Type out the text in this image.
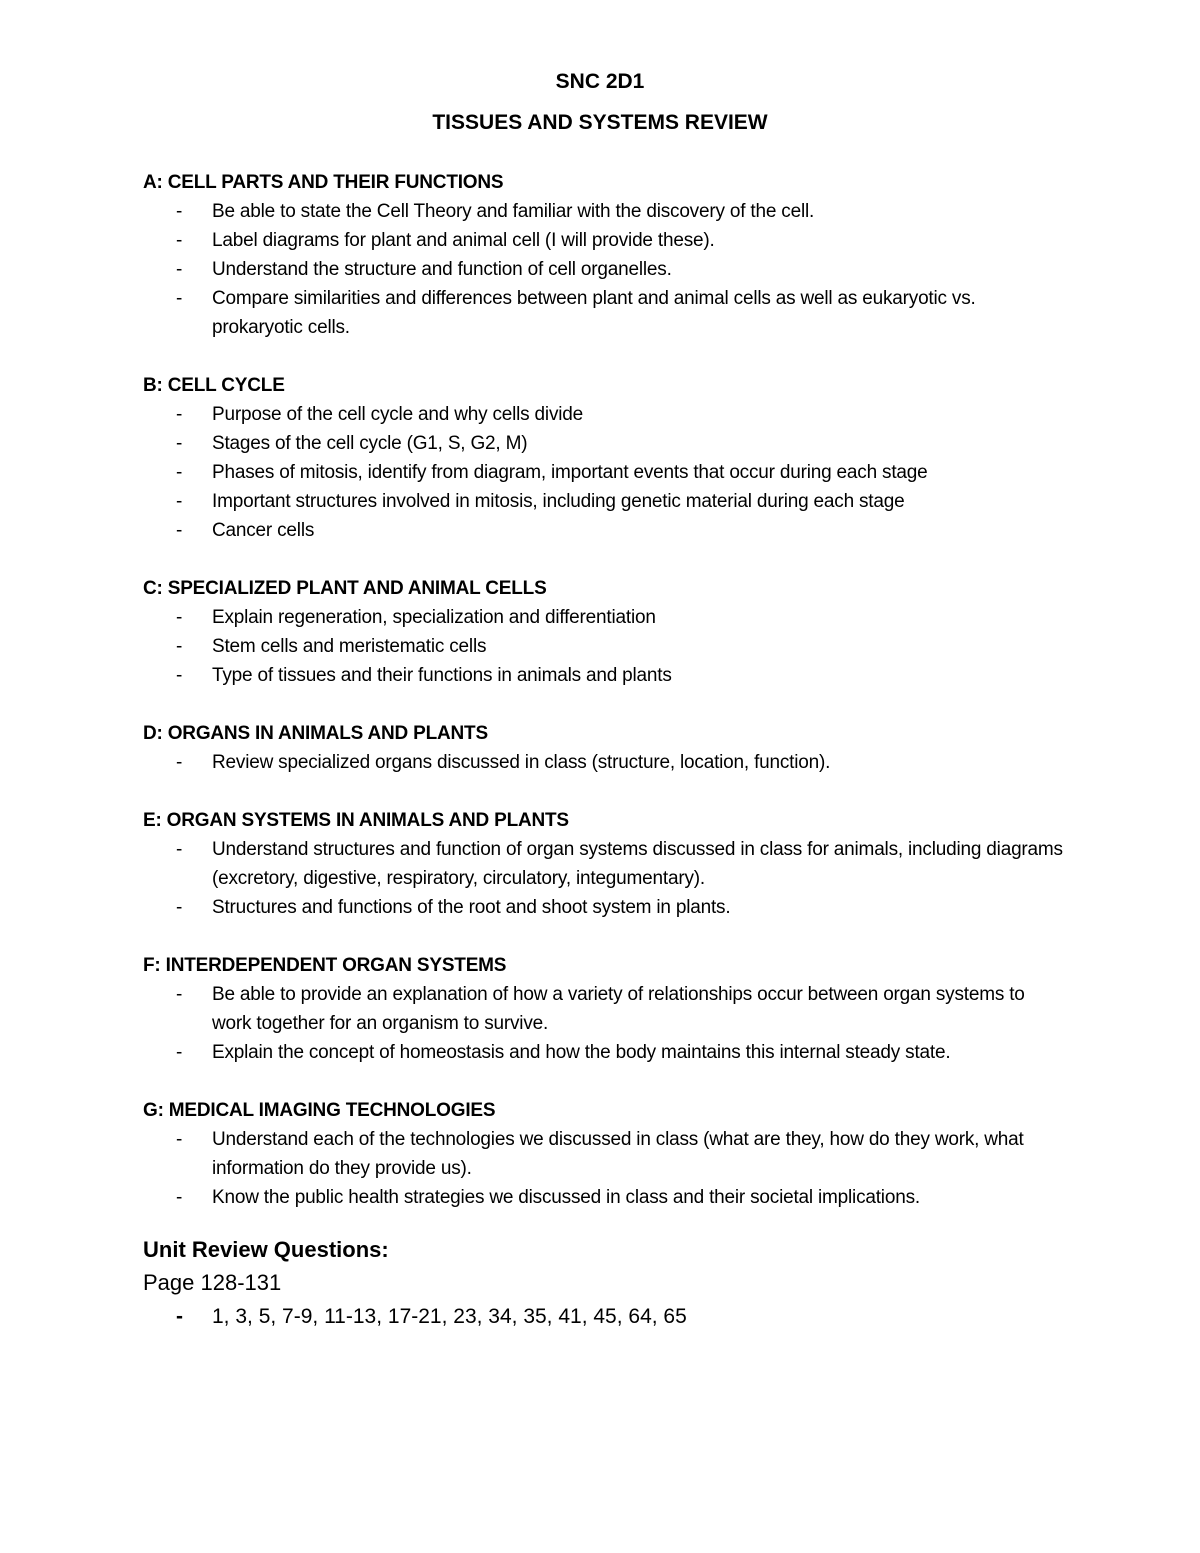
SNC 2D1

TISSUES AND SYSTEMS REVIEW

A: CELL PARTS AND THEIR FUNCTIONS

- Be able to state the Cell Theory and familiar with the discovery of the cell.
- Label diagrams for plant and animal cell (I will provide these).
- Understand the structure and function of cell organelles.
- Compare similarities and differences between plant and animal cells as well as eukaryotic vs. prokaryotic cells.

B: CELL CYCLE

- Purpose of the cell cycle and why cells divide
- Stages of the cell cycle (G1, S, G2, M)
- Phases of mitosis, identify from diagram, important events that occur during each stage
- Important structures involved in mitosis, including genetic material during each stage
- Cancer cells

C: SPECIALIZED PLANT AND ANIMAL CELLS

- Explain regeneration, specialization and differentiation
- Stem cells and meristematic cells
- Type of tissues and their functions in animals and plants

D: ORGANS IN ANIMALS AND PLANTS

- Review specialized organs discussed in class (structure, location, function).

E: ORGAN SYSTEMS IN ANIMALS AND PLANTS

- Understand structures and function of organ systems discussed in class for animals, including diagrams (excretory, digestive, respiratory, circulatory, integumentary).
- Structures and functions of the root and shoot system in plants.

F: INTERDEPENDENT ORGAN SYSTEMS

- Be able to provide an explanation of how a variety of relationships occur between organ systems to work together for an organism to survive.
- Explain the concept of homeostasis and how the body maintains this internal steady state.

G: MEDICAL IMAGING TECHNOLOGIES

- Understand each of the technologies we discussed in class (what are they, how do they work, what information do they provide us).
- Know the public health strategies we discussed in class and their societal implications.

Unit Review Questions:

Page 128-131

- 1, 3, 5, 7-9, 11-13, 17-21, 23, 34, 35, 41, 45, 64, 65
